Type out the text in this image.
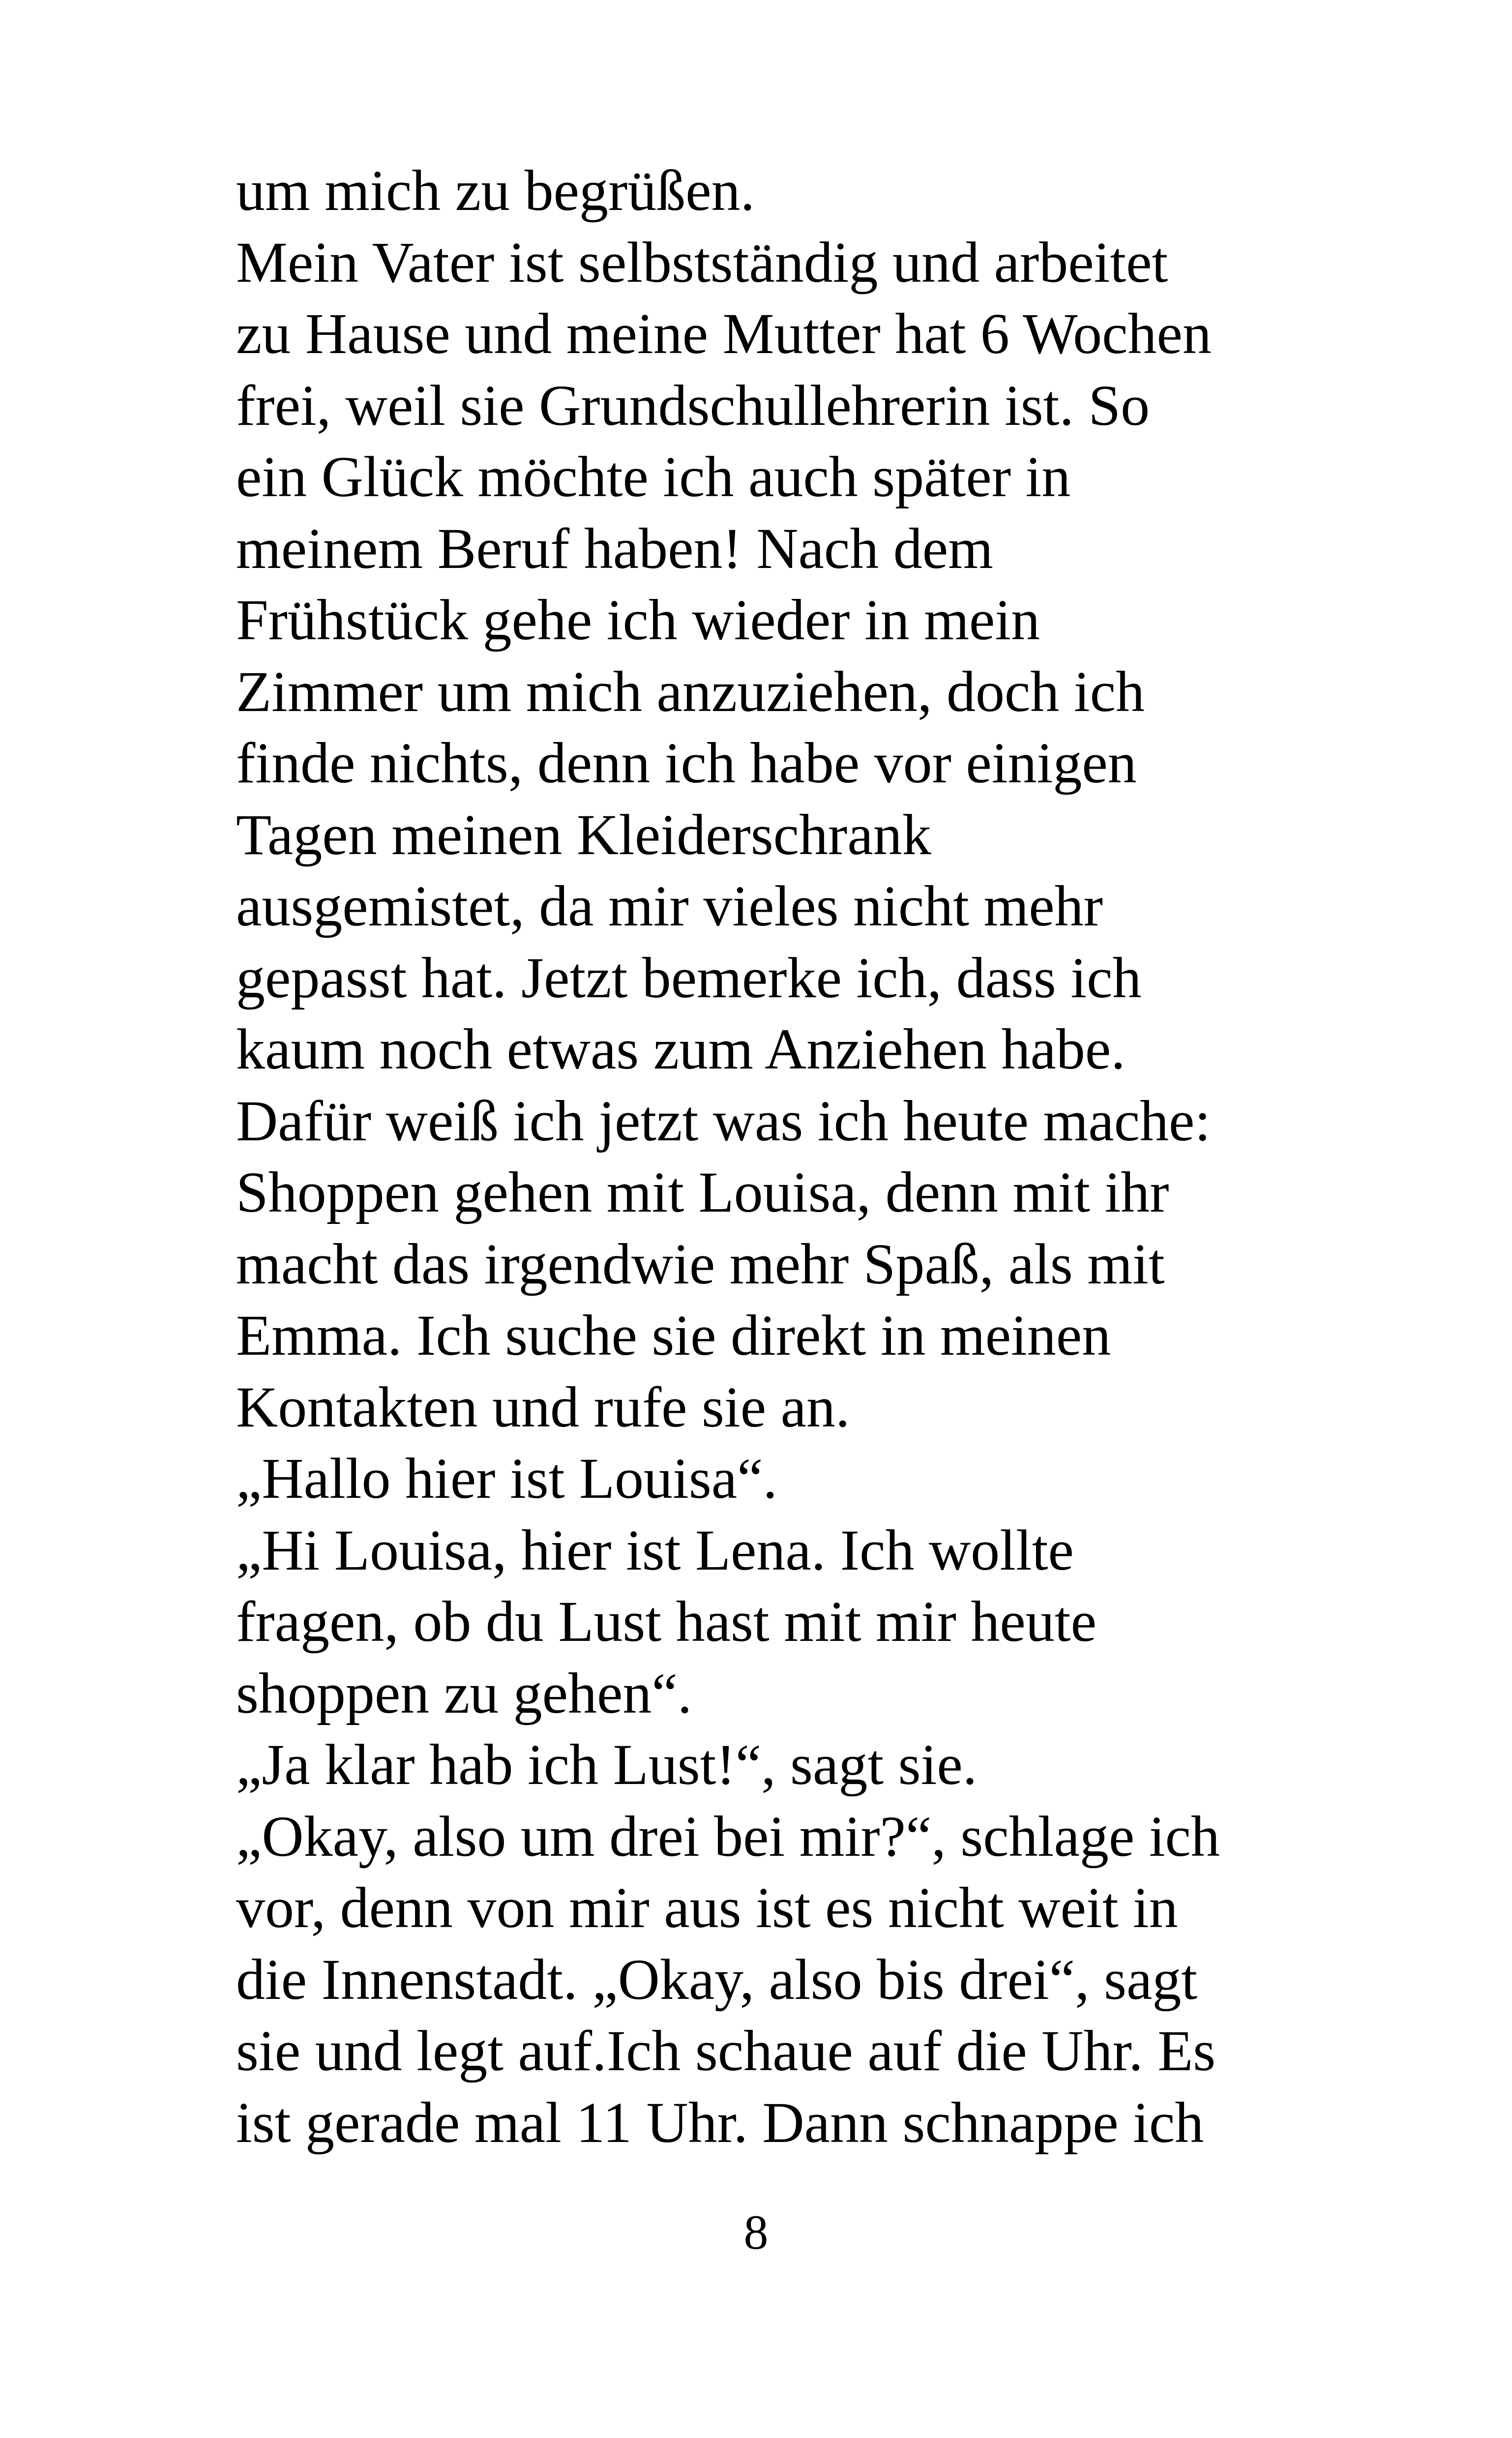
um mich zu begrüßen.
Mein Vater ist selbstständig und arbeitet
zu Hause und meine Mutter hat 6 Wochen
frei, weil sie Grundschullehrerin ist. So
ein Glück möchte ich auch später in
meinem Beruf haben! Nach dem
Frühstück gehe ich wieder in mein
Zimmer um mich anzuziehen, doch ich
finde nichts, denn ich habe vor einigen
Tagen meinen Kleiderschrank
ausgemistet, da mir vieles nicht mehr
gepasst hat. Jetzt bemerke ich, dass ich
kaum noch etwas zum Anziehen habe.
Dafür weiß ich jetzt was ich heute mache:
Shoppen gehen mit Louisa, denn mit ihr
macht das irgendwie mehr Spaß, als mit
Emma. Ich suche sie direkt in meinen
Kontakten und rufe sie an.
„Hallo hier ist Louisa“.
„Hi Louisa, hier ist Lena. Ich wollte
fragen, ob du Lust hast mit mir heute
shoppen zu gehen“.
„Ja klar hab ich Lust!“, sagt sie.
„Okay, also um drei bei mir?“, schlage ich
vor, denn von mir aus ist es nicht weit in
die Innenstadt. „Okay, also bis drei“, sagt
sie und legt auf.Ich schaue auf die Uhr. Es
ist gerade mal 11 Uhr. Dann schnappe ich
8
